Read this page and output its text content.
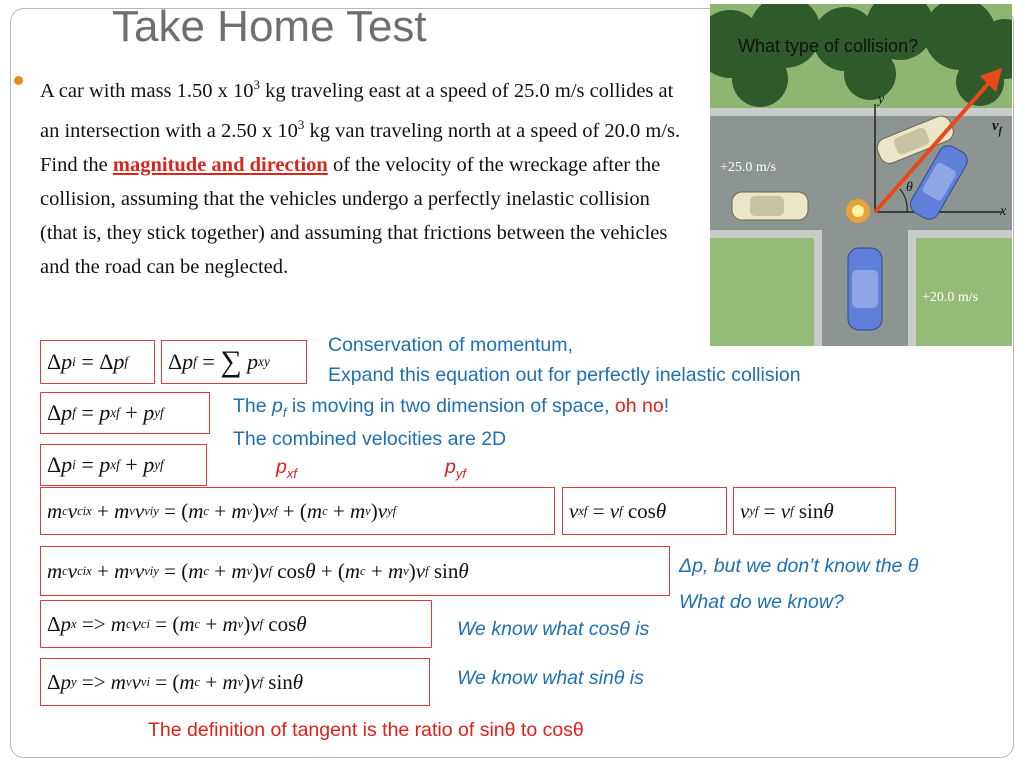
Take Home Test
A car with mass 1.50 x $10^3$ kg traveling east at a speed of 25.0 m/s collides at an intersection with a 2.50 x $10^3$ kg van traveling north at a speed of 20.0 m/s. Find the magnitude and direction of the velocity of the wreckage after the collision, assuming that the vehicles undergo a perfectly inelastic collision (that is, they stick together) and assuming that frictions between the vehicles and the road can be neglected.
What type of collision?
+25.0 m/s
+20.0 m/s
x
y
θ
$v_f$
Δ p i
=
Δ p f Δ p f
=
∑ p xy
Δ p f
= p xf
+ p yf
Δ p i
= p xf
+ p yf
m c v cix
+ m v v viy
=
( m c
+ m v ) v xf
+
( m c
+ m v ) v yf	v xf
= v f
cos θ	v yf
= v f
sin θ
m c v cix
+ m v v viy
=
( m c
+ m v ) v f
cos θ +
( m c
+ m v ) v f
sin θ
Δ p x
=> m c v ci
=
( m c
+ m v ) v f
cos θ
Δ p y
=> m v v vi
=
( m c
+ m v ) v f
sin θ
Conservation of momentum,
Expand this equation out for perfectly inelastic collision
The $p_f$ is moving in two dimension of space, oh no!
The combined velocities are 2D
$p_{xf}$	$p_{yf}$
Δp, but we don’t know the θ
What do we know?
We know what cosθ is
We know what sinθ is
The definition of tangent is the ratio of sinθ to cosθ
